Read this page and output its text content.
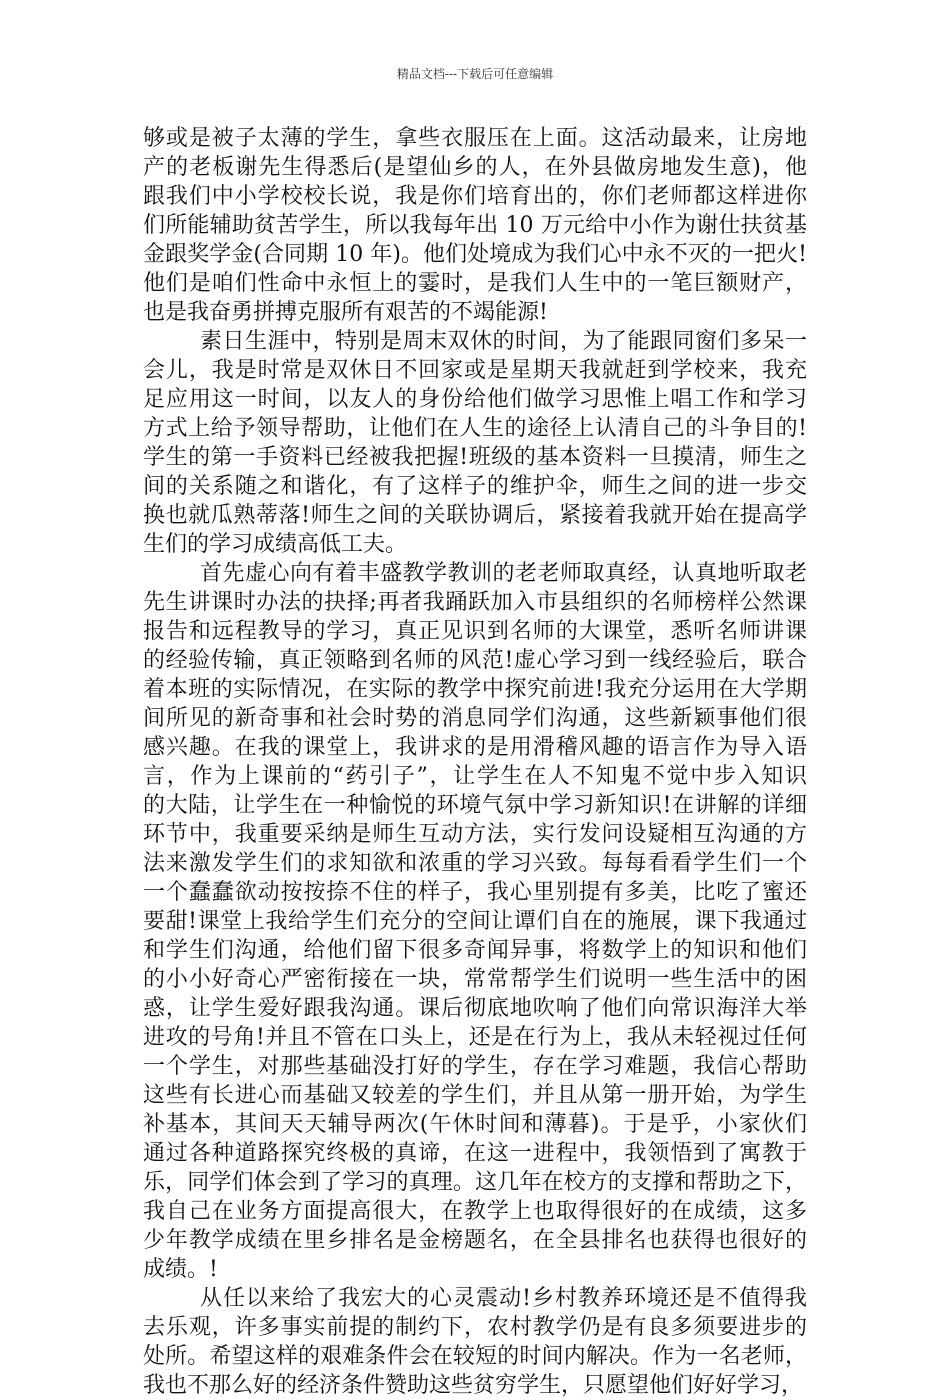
精品文档---下载后可任意编辑
够或是被子太薄的学生，拿些衣服压在上面。这活动最来，让房地
产的老板谢先生得悉后(是望仙乡的人，在外县做房地发生意)，他
跟我们中小学校校长说，我是你们培育出的，你们老师都这样进你
们所能辅助贫苦学生，所以我每年出 10 万元给中小作为谢仕扶贫基
金跟奖学金(合同期 10 年)。他们处境成为我们心中永不灭的一把火!
他们是咱们性命中永恒上的霎时，是我们人生中的一笔巨额财产，
也是我奋勇拼搏克服所有艰苦的不竭能源!
素日生涯中，特别是周末双休的时间，为了能跟同窗们多呆一
会儿，我是时常是双休日不回家或是星期天我就赶到学校来，我充
足应用这一时间，以友人的身份给他们做学习思惟上唱工作和学习
方式上给予领导帮助，让他们在人生的途径上认清自己的斗争目的!
学生的第一手资料已经被我把握!班级的基本资料一旦摸清，师生之
间的关系随之和谐化，有了这样子的维护伞，师生之间的进一步交
换也就瓜熟蒂落!师生之间的关联协调后，紧接着我就开始在提高学
生们的学习成绩高低工夫。
首先虚心向有着丰盛教学教训的老老师取真经，认真地听取老
先生讲课时办法的抉择;再者我踊跃加入市县组织的名师榜样公然课
报告和远程教导的学习，真正见识到名师的大课堂，悉听名师讲课
的经验传输，真正领略到名师的风范!虚心学习到一线经验后，联合
着本班的实际情况，在实际的教学中探究前进!我充分运用在大学期
间所见的新奇事和社会时势的消息同学们沟通，这些新颖事他们很
感兴趣。在我的课堂上，我讲求的是用滑稽风趣的语言作为导入语
言，作为上课前的“药引子”，让学生在人不知鬼不觉中步入知识
的大陆，让学生在一种愉悦的环境气氛中学习新知识!在讲解的详细
环节中，我重要采纳是师生互动方法，实行发问设疑相互沟通的方
法来激发学生们的求知欲和浓重的学习兴致。每每看看学生们一个
一个蠢蠢欲动按按捺不住的样子，我心里别提有多美，比吃了蜜还
要甜!课堂上我给学生们充分的空间让谭们自在的施展，课下我通过
和学生们沟通，给他们留下很多奇闻异事，将数学上的知识和他们
的小小好奇心严密衔接在一块，常常帮学生们说明一些生活中的困
惑，让学生爱好跟我沟通。课后彻底地吹响了他们向常识海洋大举
进攻的号角!并且不管在口头上，还是在行为上，我从未轻视过任何
一个学生，对那些基础没打好的学生，存在学习难题，我信心帮助
这些有长进心而基础又较差的学生们，并且从第一册开始，为学生
补基本，其间天天辅导两次(午休时间和薄暮)。于是乎，小家伙们
通过各种道路探究终极的真谛，在这一进程中，我领悟到了寓教于
乐，同学们体会到了学习的真理。这几年在校方的支撑和帮助之下，
我自己在业务方面提高很大，在教学上也取得很好的在成绩，这多
少年教学成绩在里乡排名是金榜题名，在全县排名也获得也很好的
成绩。!
从任以来给了我宏大的心灵震动!乡村教养环境还是不值得我
去乐观，许多事实前提的制约下，农村教学仍是有良多须要进步的
处所。希望这样的艰难条件会在较短的时间内解决。作为一名老师，
我也不那么好的经济条件赞助这些贫穷学生，只愿望他们好好学习，
